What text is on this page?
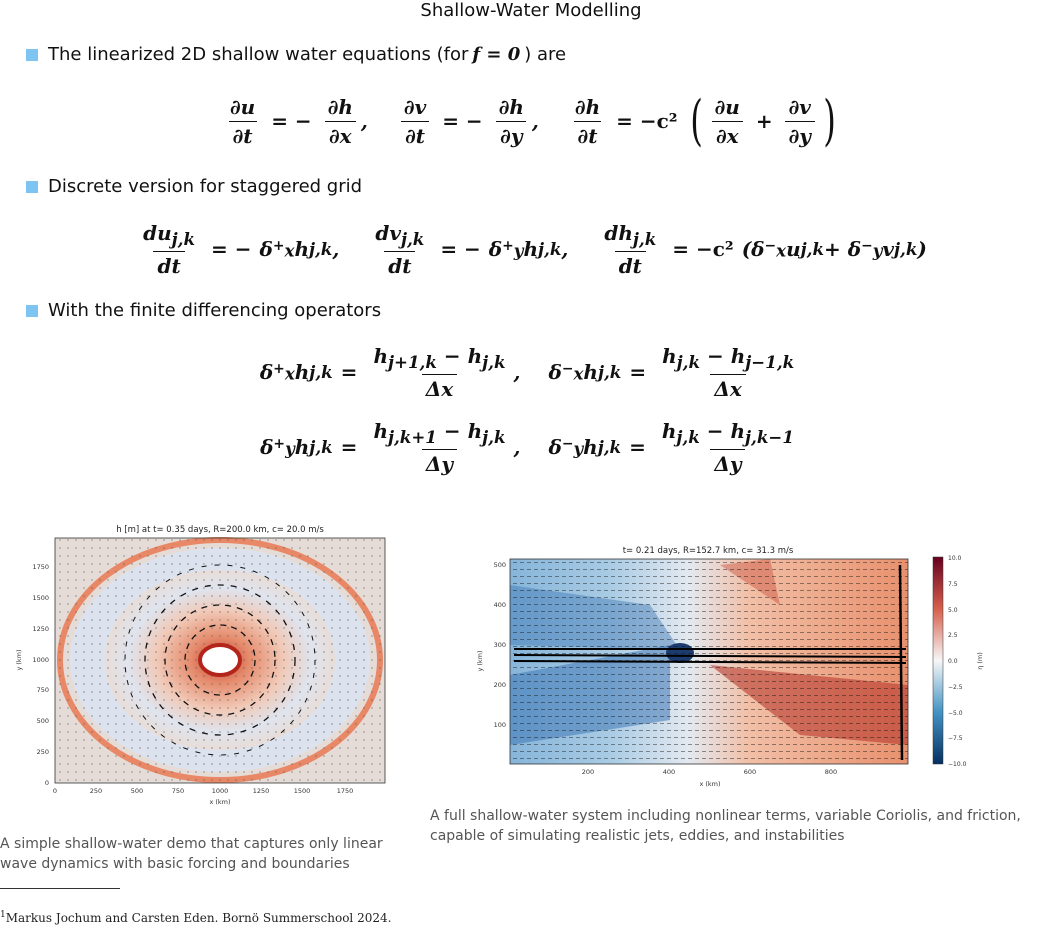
Shallow-Water Modelling
The linearized 2D shallow water equations (for f = 0 ) are
$\frac{\partial u}{\partial t}$ = − $\frac{\partial h}{\partial x}$ , $\frac{\partial v}{\partial t}$ = − $\frac{\partial h}{\partial y}$ , $\frac{\partial h}{\partial t} = -c^2$ ( $\frac{\partial u}{\partial x} + \frac{\partial v}{\partial y}$ )
Discrete version for staggered grid
$\frac{du_{j,k}}{dt}$ = − δ +x h j,k , $\frac{dv_{j,k}}{dt}$ = − δ +y h j,k , $\frac{dh_{j,k}}{dt} = -c^2$ (δ −x u j,k + δ −y v j,k )
With the finite differencing operators
δ +x h $j,k = \frac{h_{j+1,k} - h_{j,k}}{\Delta x}$ ,
δ −x h $j,k = \frac{h_{j,k} - h_{j-1,k}}{\Delta x}$
δ +y h $j,k = \frac{h_{j,k+1} - h_{j,k}}{\Delta y}$ ,
δ −y h $j,k = \frac{h_{j,k} - h_{j,k-1}}{\Delta y}$
h [m] at t= 0.35 days, R=200.0 km, c= 20.0 m/s
0	250	500	750	1000	1250	1500	1750
x (km)
0
250
500
750
1000
1250
1500
1750
y (km)
A simple shallow-water demo that captures only linear wave dynamics with basic forcing and boundaries
t= 0.21 days, R=152.7 km, c= 31.3 m/s
200	400	600	800
x (km)
100
200
300
400
500
y (km)
10.0
7.5
5.0
2.5
0.0
−2.5
−5.0
−7.5
−10.0
η (m)
A full shallow-water system including nonlinear terms, variable Coriolis, and friction, capable of simulating realistic jets, eddies, and instabilities
$^1$Markus Jochum and Carsten Eden. Bornö Summerschool 2024.
